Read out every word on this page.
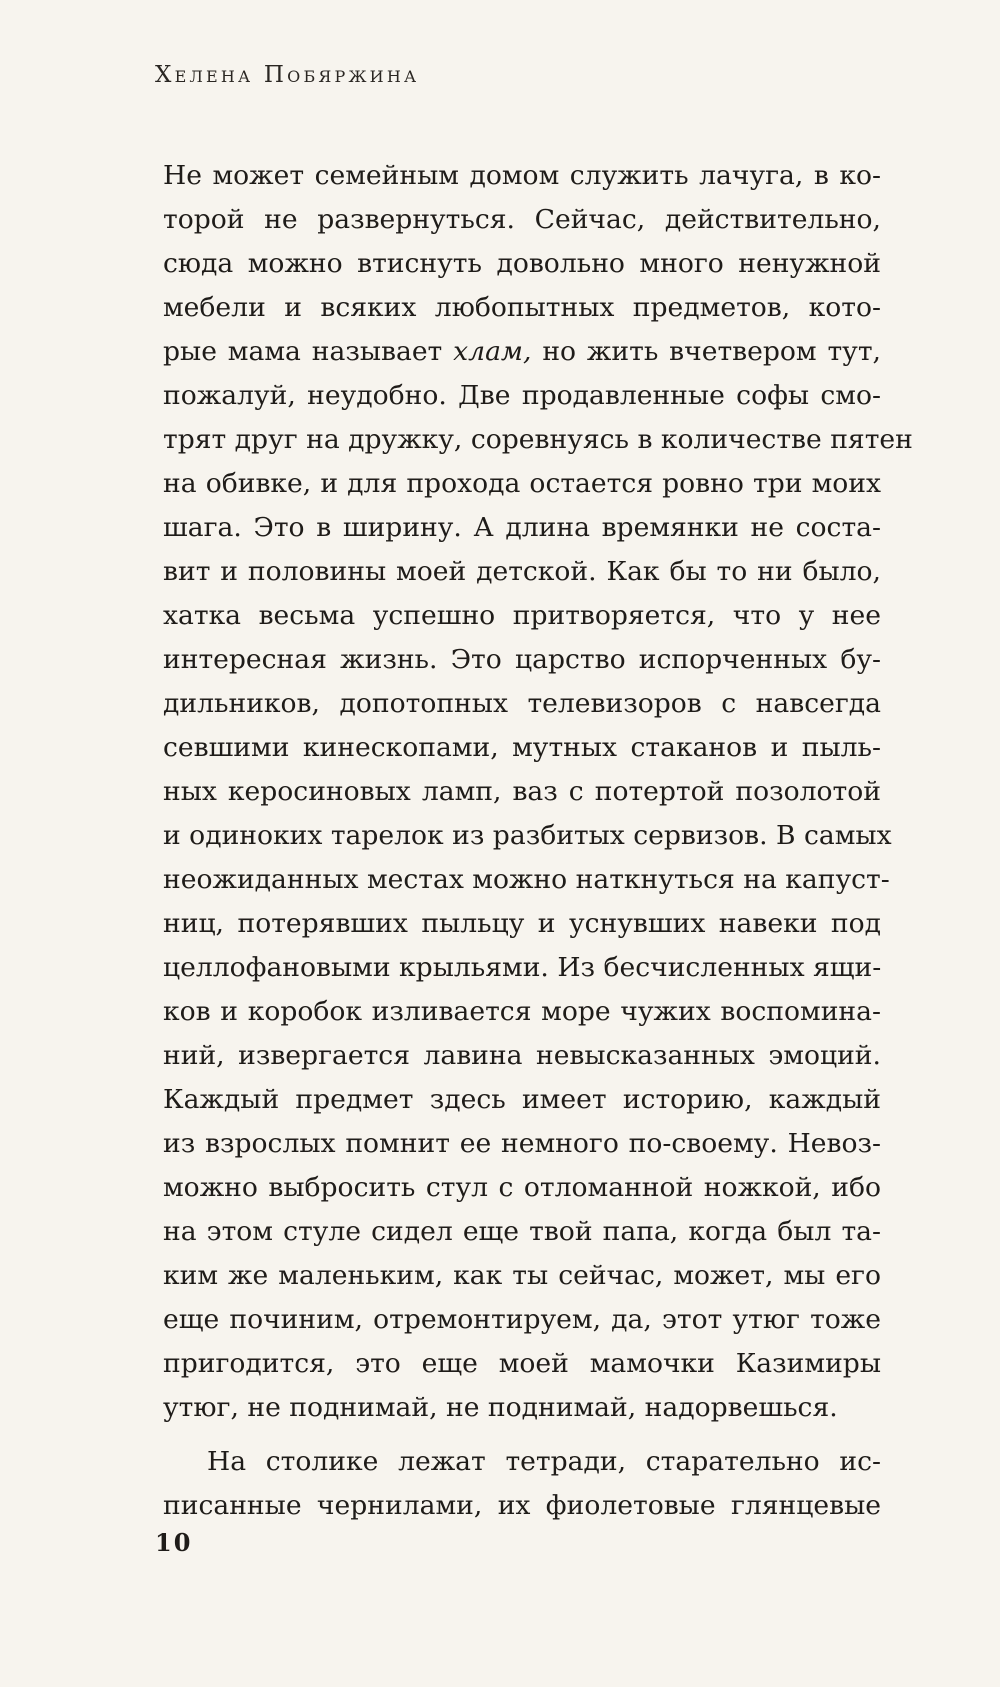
Хелена Побяржина
Не может семейным домом служить лачуга, в ко-
торой не развернуться. Сейчас, действительно,
сюда можно втиснуть довольно много ненужной
мебели и всяких любопытных предметов, кото-
рые мама называет хлам, но жить вчетвером тут,
пожалуй, неудобно. Две продавленные софы смо-
трят друг на дружку, соревнуясь в количестве пятен
на обивке, и для прохода остается ровно три моих
шага. Это в ширину. А длина времянки не соста-
вит и половины моей детской. Как бы то ни было,
хатка весьма успешно притворяется, что у нее
интересная жизнь. Это царство испорченных бу-
дильников, допотопных телевизоров с навсегда
севшими кинескопами, мутных стаканов и пыль-
ных керосиновых ламп, ваз с потертой позолотой
и одиноких тарелок из разбитых сервизов. В самых
неожиданных местах можно наткнуться на капуст-
ниц, потерявших пыльцу и уснувших навеки под
целлофановыми крыльями. Из бесчисленных ящи-
ков и коробок изливается море чужих воспомина-
ний, извергается лавина невысказанных эмоций.
Каждый предмет здесь имеет историю, каждый
из взрослых помнит ее немного по-своему. Невоз-
можно выбросить стул с отломанной ножкой, ибо
на этом стуле сидел еще твой папа, когда был та-
ким же маленьким, как ты сейчас, может, мы его
еще починим, отремонтируем, да, этот утюг тоже
пригодится, это еще моей мамочки Казимиры
утюг, не поднимай, не поднимай, надорвешься.
На столике лежат тетради, старательно ис-
писанные чернилами, их фиолетовые глянцевые
10
